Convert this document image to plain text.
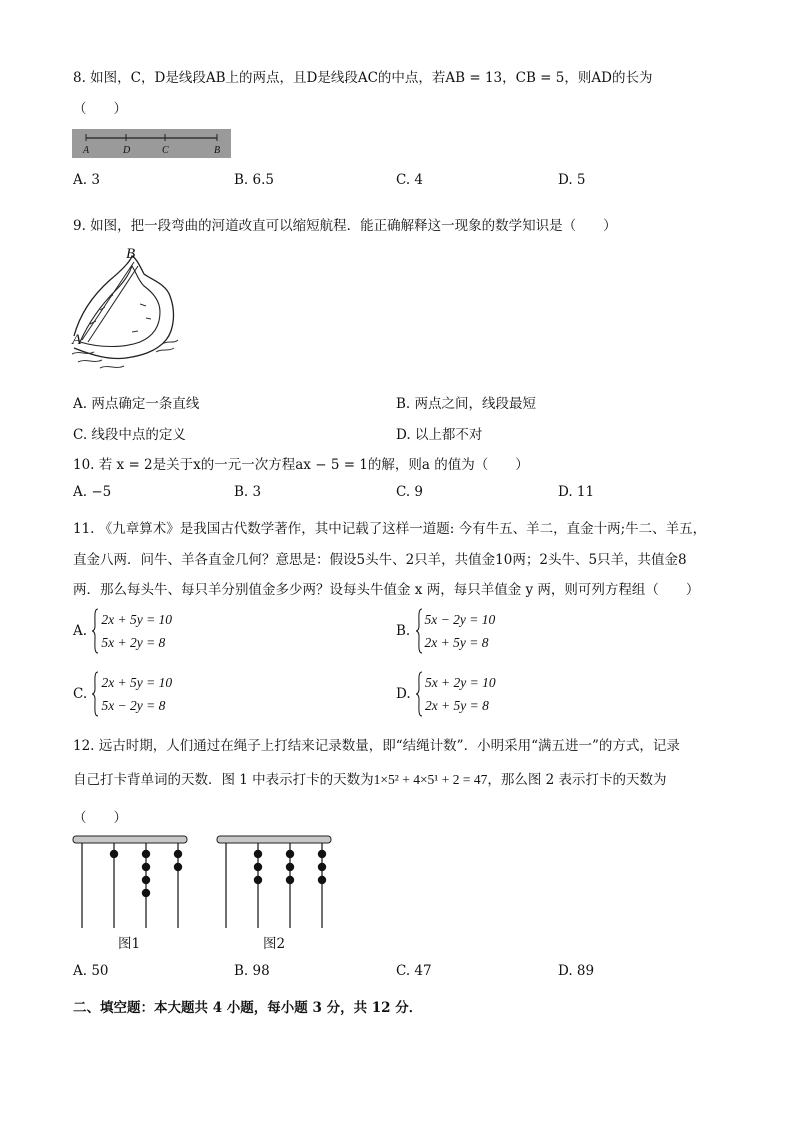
8. 如图，C，D是线段AB上的两点，且D是线段AC的中点，若AB = 13，CB = 5，则AD的长为
（　　）
A	D	C	B
A. 3	B. 6.5	C. 4	D. 5
9. 如图，把一段弯曲的河道改直可以缩短航程．能正确解释这一现象的数学知识是（　　）
B
A
A. 两点确定一条直线	B. 两点之间，线段最短
C. 线段中点的定义	D. 以上都不对
10. 若 x = 2是关于x的一元一次方程ax − 5 = 1的解，则a 的值为（　　）
A. −5	B. 3	C. 9	D. 11
11. 《九章算术》是我国古代数学著作，其中记载了这样一道题: 今有牛五、羊二，直金十两;牛二、羊五，
直金八两．问牛、羊各直金几何？意思是：假设5头牛、2只羊，共值金10两；2头牛、5只羊，共值金8
两．那么每头牛、每只羊分别值金多少两？设每头牛值金 x 两，每只羊值金 y 两，则可列方程组（　　）
A.
2x + 5y = 10
5x + 2y = 8
B.
5x − 2y = 10
2x + 5y = 8
C.
2x + 5y = 10
5x − 2y = 8
D.
5x + 2y = 10
2x + 5y = 8
12. 远古时期，人们通过在绳子上打结来记录数量，即“结绳计数”．小明采用“满五进一”的方式，记录
自己打卡背单词的天数．图 1 中表示打卡的天数为1×5² + 4×5¹ + 2 = 47，那么图 2 表示打卡的天数为
（　　）
图1	图2
A. 50	B. 98	C. 47	D. 89
二、填空题：本大题共 4 小题，每小题 3 分，共 12 分．
